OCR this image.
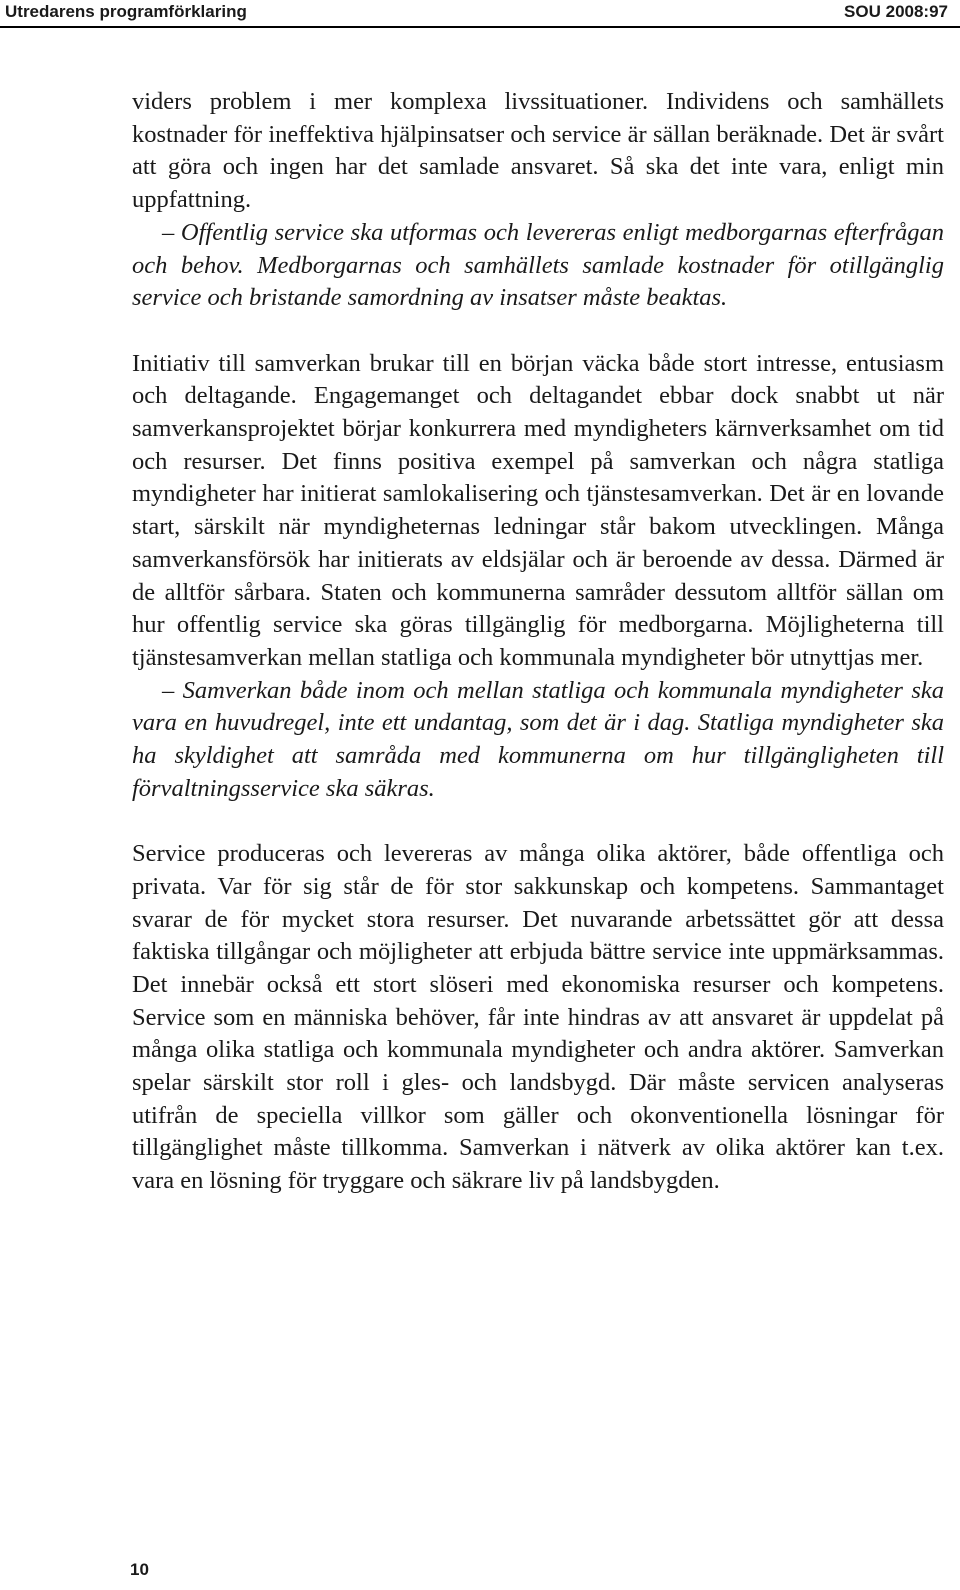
Utredarens programförklaring	SOU 2008:97

viders problem i mer komplexa livssituationer. Individens och samhällets kostnader för ineffektiva hjälpinsatser och service är sällan beräknade. Det är svårt att göra och ingen har det samlade ansvaret. Så ska det inte vara, enligt min uppfattning.

– Offentlig service ska utformas och levereras enligt medborgarnas efterfrågan och behov. Medborgarnas och samhällets samlade kostnader för otillgänglig service och bristande samordning av insatser måste beaktas.

Initiativ till samverkan brukar till en början väcka både stort intresse, entusiasm och deltagande. Engagemanget och deltagandet ebbar dock snabbt ut när samverkansprojektet börjar konkurrera med myndigheters kärnverksamhet om tid och resurser. Det finns positiva exempel på samverkan och några statliga myndigheter har initierat samlokalisering och tjänstesamverkan. Det är en lovande start, särskilt när myndigheternas ledningar står bakom utvecklingen. Många samverkansförsök har initierats av eldsjälar och är beroende av dessa. Därmed är de alltför sårbara. Staten och kommunerna samråder dessutom alltför sällan om hur offentlig service ska göras tillgänglig för medborgarna. Möjligheterna till tjänstesamverkan mellan statliga och kommunala myndigheter bör utnyttjas mer.

– Samverkan både inom och mellan statliga och kommunala myndigheter ska vara en huvudregel, inte ett undantag, som det är i dag. Statliga myndigheter ska ha skyldighet att samråda med kommunerna om hur tillgängligheten till förvaltningsservice ska säkras.

Service produceras och levereras av många olika aktörer, både offentliga och privata. Var för sig står de för stor sakkunskap och kompetens. Sammantaget svarar de för mycket stora resurser. Det nuvarande arbetssättet gör att dessa faktiska tillgångar och möjligheter att erbjuda bättre service inte uppmärksammas. Det innebär också ett stort slöseri med ekonomiska resurser och kompetens. Service som en människa behöver, får inte hindras av att ansvaret är uppdelat på många olika statliga och kommunala myndigheter och andra aktörer. Samverkan spelar särskilt stor roll i gles- och landsbygd. Där måste servicen analyseras utifrån de speciella villkor som gäller och okonventionella lösningar för tillgänglighet måste tillkomma. Samverkan i nätverk av olika aktörer kan t.ex. vara en lösning för tryggare och säkrare liv på landsbygden.

10
